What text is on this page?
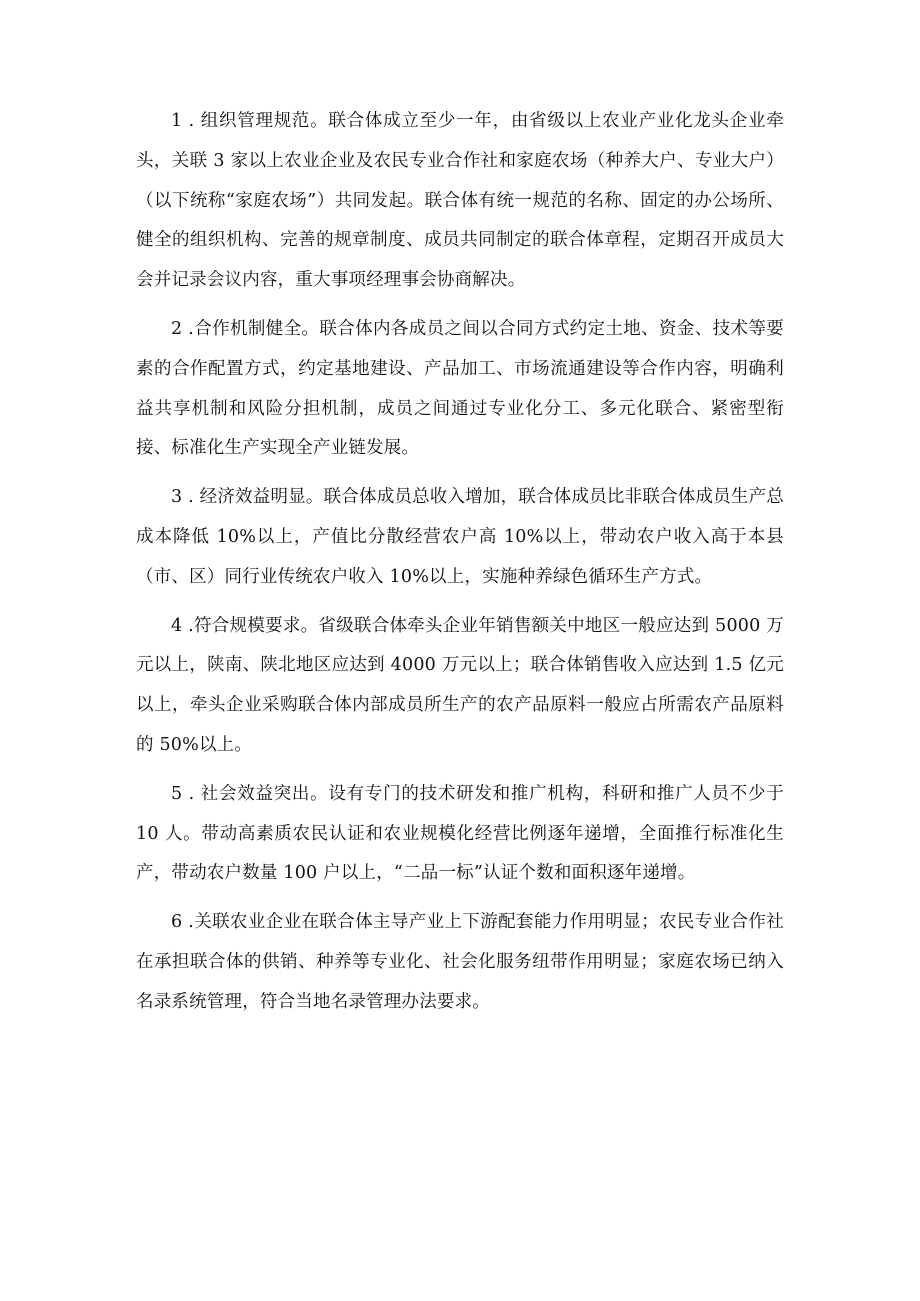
1 . 组织管理规范。联合体成立至少一年，由省级以上农业产业化龙头企业牵头，关联 3 家以上农业企业及农民专业合作社和家庭农场（种养大户、专业大户）（以下统称“家庭农场”）共同发起。联合体有统一规范的名称、固定的办公场所、健全的组织机构、完善的规章制度、成员共同制定的联合体章程，定期召开成员大会并记录会议内容，重大事项经理事会协商解决。

2 .合作机制健全。联合体内各成员之间以合同方式约定土地、资金、技术等要素的合作配置方式，约定基地建设、产品加工、市场流通建设等合作内容，明确利益共享机制和风险分担机制，成员之间通过专业化分工、多元化联合、紧密型衔接、标准化生产实现全产业链发展。

3 . 经济效益明显。联合体成员总收入增加，联合体成员比非联合体成员生产总成本降低 10%以上，产值比分散经营农户高 10%以上，带动农户收入高于本县（市、区）同行业传统农户收入 10%以上，实施种养绿色循环生产方式。

4 .符合规模要求。省级联合体牵头企业年销售额关中地区一般应达到 5000 万元以上，陕南、陕北地区应达到 4000 万元以上；联合体销售收入应达到 1.5 亿元以上，牵头企业采购联合体内部成员所生产的农产品原料一般应占所需农产品原料的 50%以上。

5 . 社会效益突出。设有专门的技术研发和推广机构，科研和推广人员不少于 10 人。带动高素质农民认证和农业规模化经营比例逐年递增，全面推行标准化生产，带动农户数量 100 户以上，“二品一标”认证个数和面积逐年递增。

6 .关联农业企业在联合体主导产业上下游配套能力作用明显；农民专业合作社在承担联合体的供销、种养等专业化、社会化服务纽带作用明显；家庭农场已纳入名录系统管理，符合当地名录管理办法要求。
